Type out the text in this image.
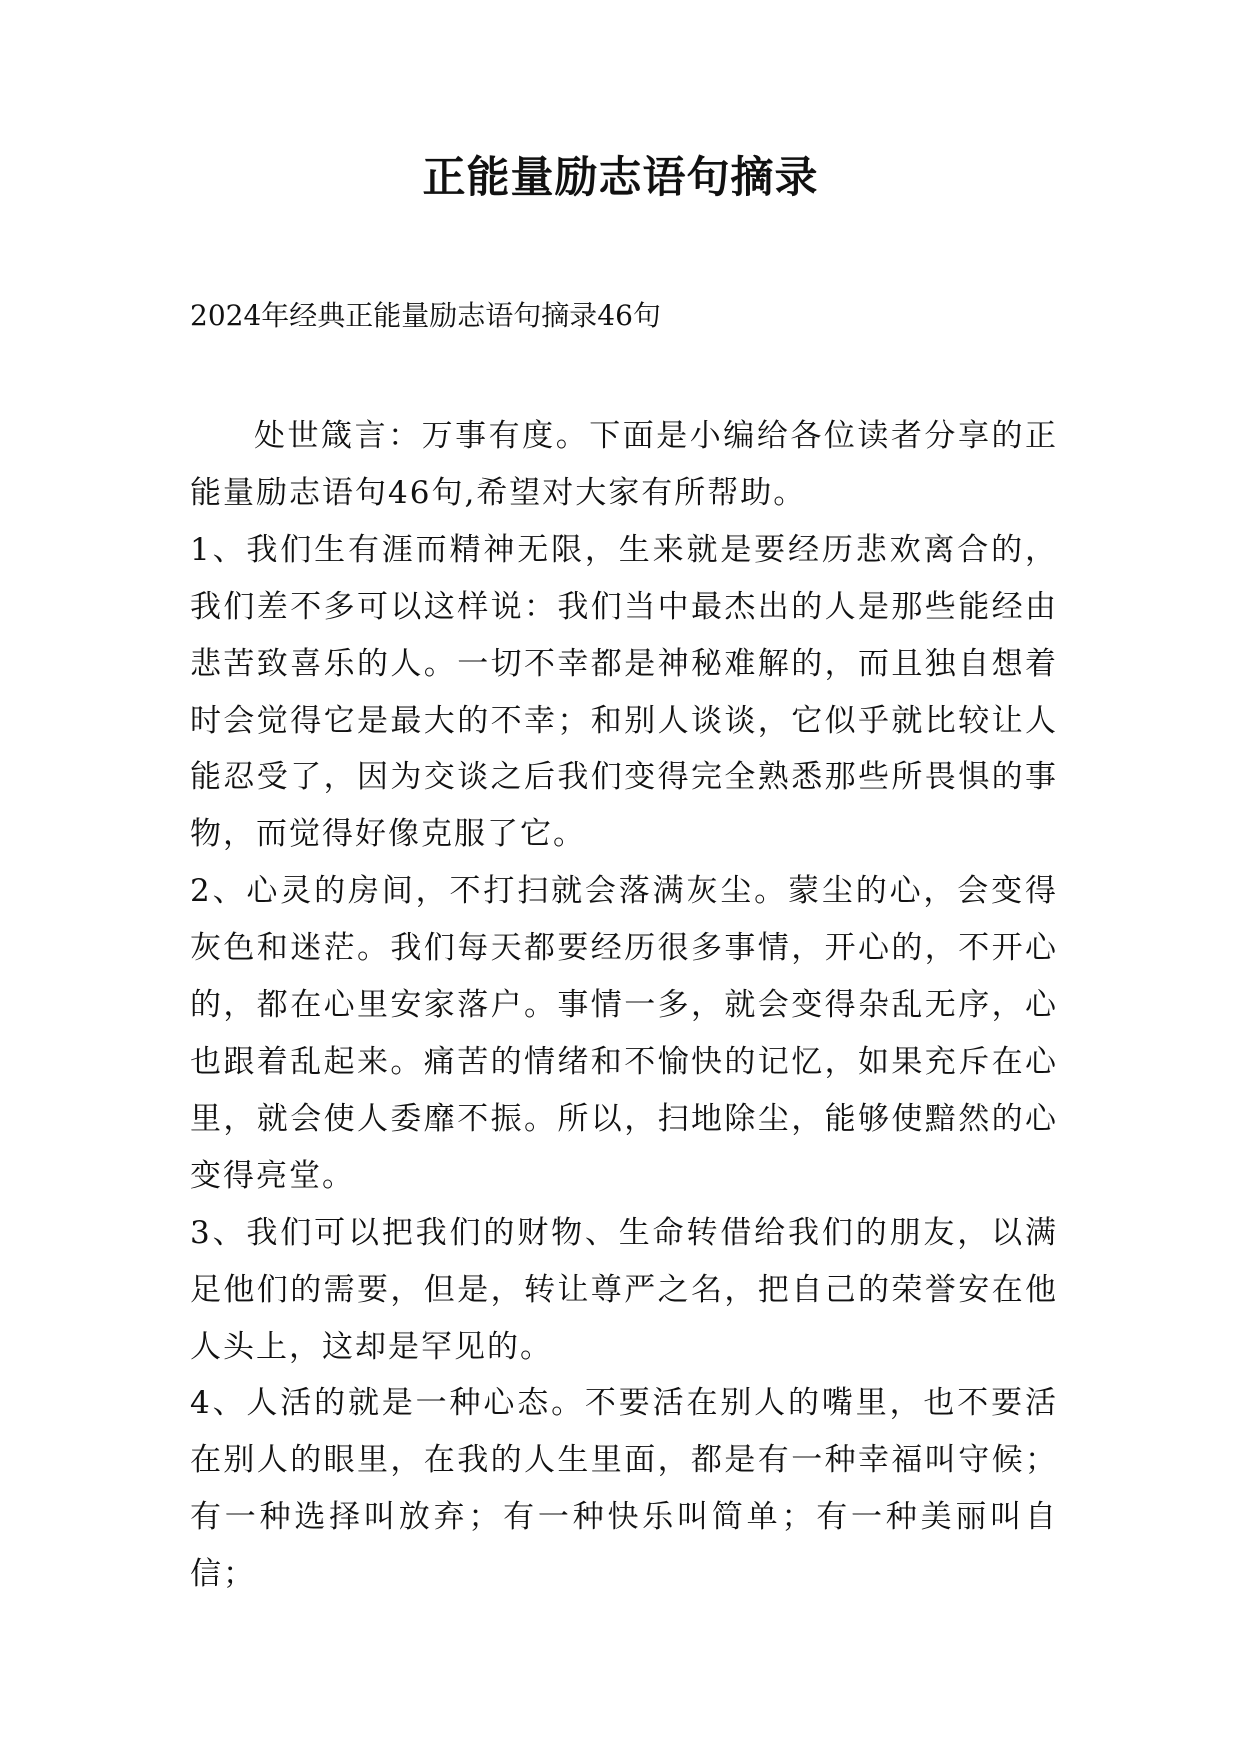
正能量励志语句摘录
2024年经典正能量励志语句摘录46句

处世箴言：万事有度。下面是小编给各位读者分享的正能量励志语句46句,希望对大家有所帮助。

1、我们生有涯而精神无限，生来就是要经历悲欢离合的，我们差不多可以这样说：我们当中最杰出的人是那些能经由悲苦致喜乐的人。一切不幸都是神秘难解的，而且独自想着时会觉得它是最大的不幸；和别人谈谈，它似乎就比较让人能忍受了，因为交谈之后我们变得完全熟悉那些所畏惧的事物，而觉得好像克服了它。

2、心灵的房间，不打扫就会落满灰尘。蒙尘的心，会变得灰色和迷茫。我们每天都要经历很多事情，开心的，不开心的，都在心里安家落户。事情一多，就会变得杂乱无序，心也跟着乱起来。痛苦的情绪和不愉快的记忆，如果充斥在心里，就会使人委靡不振。所以，扫地除尘，能够使黯然的心变得亮堂。

3、我们可以把我们的财物、生命转借给我们的朋友，以满足他们的需要，但是，转让尊严之名，把自己的荣誉安在他人头上，这却是罕见的。

4、人活的就是一种心态。不要活在别人的嘴里，也不要活在别人的眼里，在我的人生里面，都是有一种幸福叫守候；有一种选择叫放弃；有一种快乐叫简单；有一种美丽叫自信；
